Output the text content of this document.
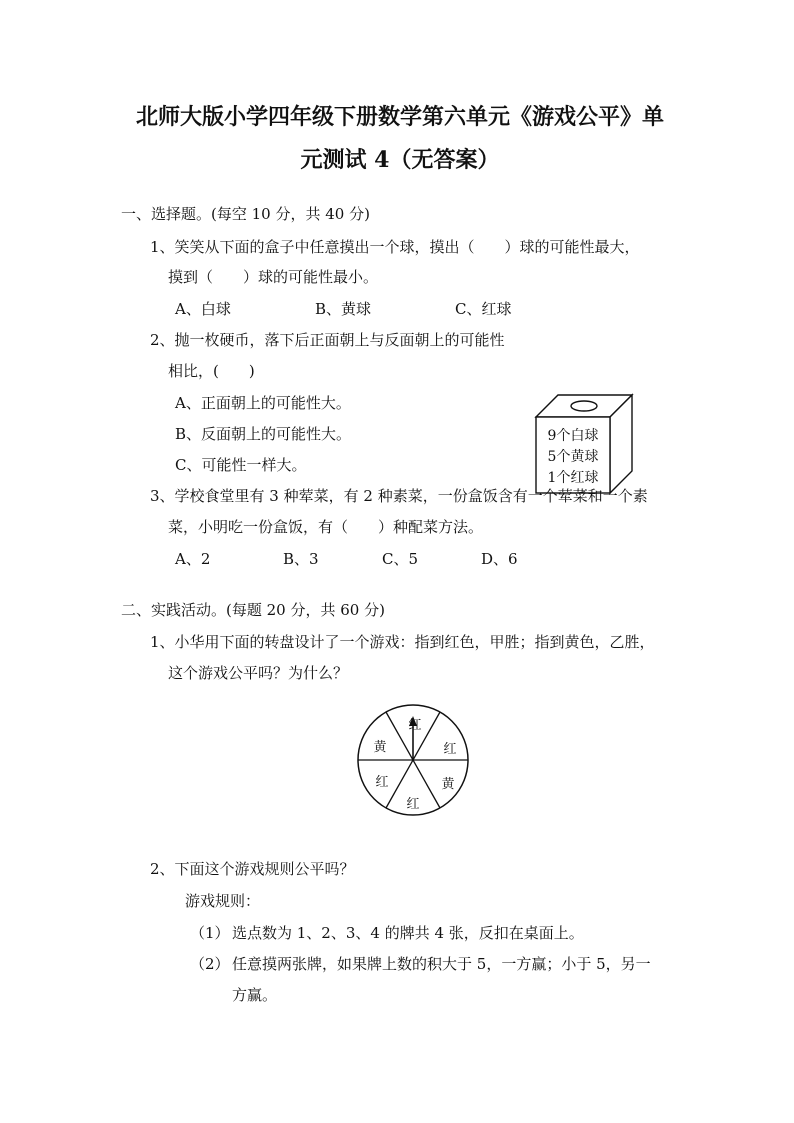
北师大版小学四年级下册数学第六单元《游戏公平》单
元测试 4（无答案）
一、选择题。(每空 10 分，共 40 分)
1、笑笑从下面的盒子中任意摸出一个球，摸出（　　）球的可能性最大，
摸到（　　）球的可能性最小。
A、白球	B、黄球	C、红球
2、抛一枚硬币，落下后正面朝上与反面朝上的可能性
相比，(　　)
A、正面朝上的可能性大。
B、反面朝上的可能性大。
C、可能性一样大。
9个白球
5个黄球
1个红球
3、学校食堂里有 3 种荤菜，有 2 种素菜，一份盒饭含有一个荤菜和一个素
菜，小明吃一份盒饭，有（　　）种配菜方法。
A、2	B、3	C、5	D、6
二、实践活动。(每题 20 分，共 60 分)
1、小华用下面的转盘设计了一个游戏：指到红色，甲胜；指到黄色，乙胜，
这个游戏公平吗？为什么？
红
红
黄
红
红
黄
2、下面这个游戏规则公平吗？
游戏规则：
（1） 选点数为 1、2、3、4 的牌共 4 张，反扣在桌面上。
（2） 任意摸两张牌，如果牌上数的积大于 5，一方赢；小于 5，另一
方赢。
